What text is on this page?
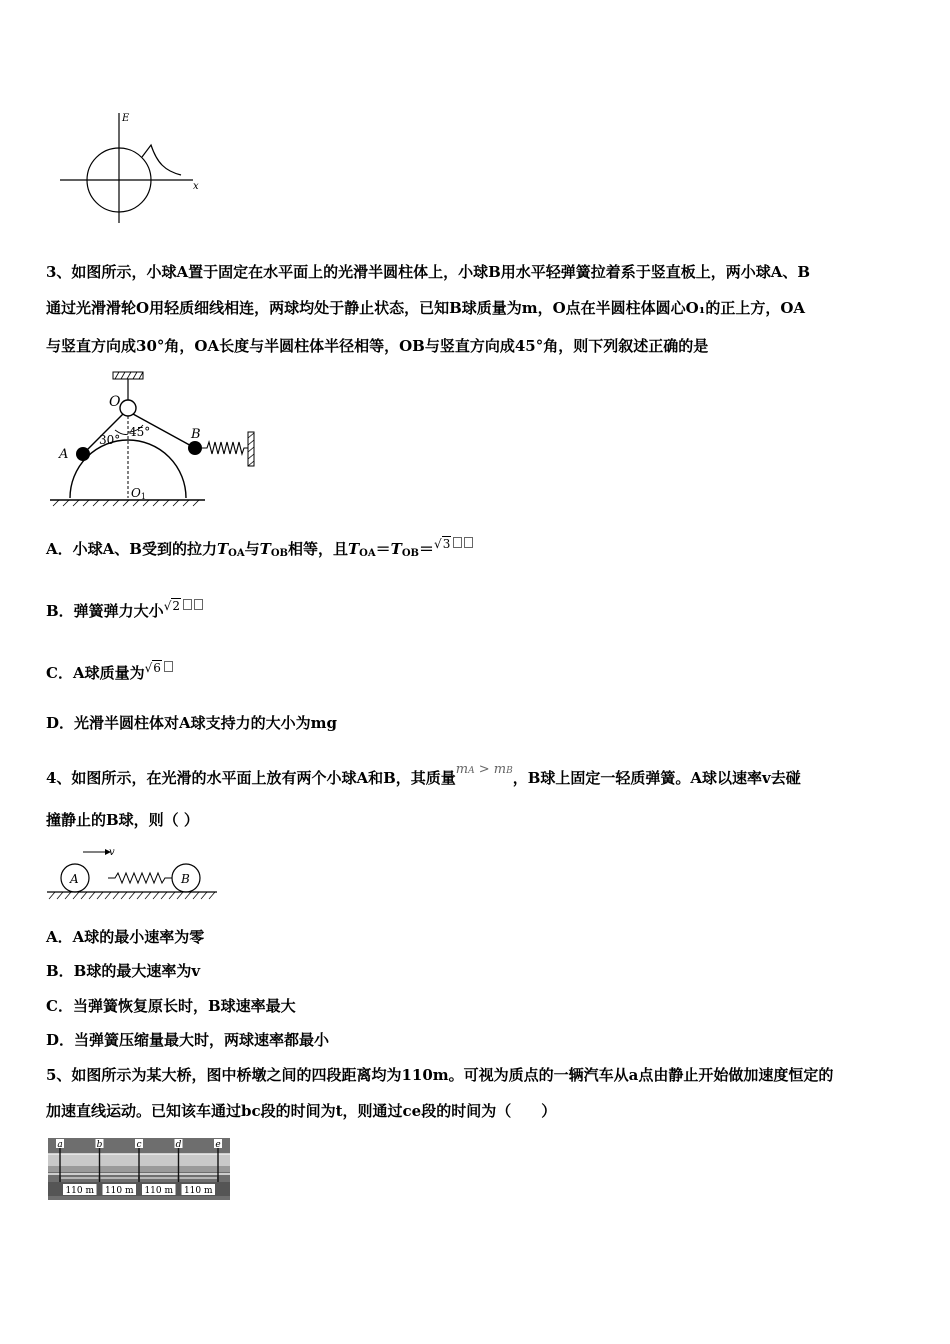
E
x
3、如图所示，小球A置于固定在水平面上的光滑半圆柱体上，小球B用水平轻弹簧拉着系于竖直板上，两小球A、B
通过光滑滑轮O用轻质细线相连，两球均处于静止状态，已知B球质量为m，O点在半圆柱体圆心O₁的正上方，OA
与竖直方向成30°角，OA长度与半圆柱体半径相等，OB与竖直方向成45°角，则下列叙述正确的是
O
A
B
30°
45°
O1
A．小球A、B受到的拉力$T_{OA}$与$T_{OB}$相等，且$T_{OA}=T_{OB}=^{√3}$
B．弹簧弹力大小$^{√2}$
C．A球质量为$^{√6}$
D．光滑半圆柱体对A球支持力的大小为mg
4、如图所示，在光滑的水平面上放有两个小球A和B，其质量mA > mB，B球上固定一轻质弹簧。A球以速率v去碰
撞静止的B球，则（ ）
v
A	B
A．A球的最小速率为零
B．B球的最大速率为v
C．当弹簧恢复原长时，B球速率最大
D．当弹簧压缩量最大时，两球速率都最小
5、如图所示为某大桥，图中桥墩之间的四段距离均为110m。可视为质点的一辆汽车从a点由静止开始做加速度恒定的
加速直线运动。已知该车通过bc段的时间为t，则通过ce段的时间为（　　）
a	b	c	d	e
110 m 110 m 110 m 110 m
